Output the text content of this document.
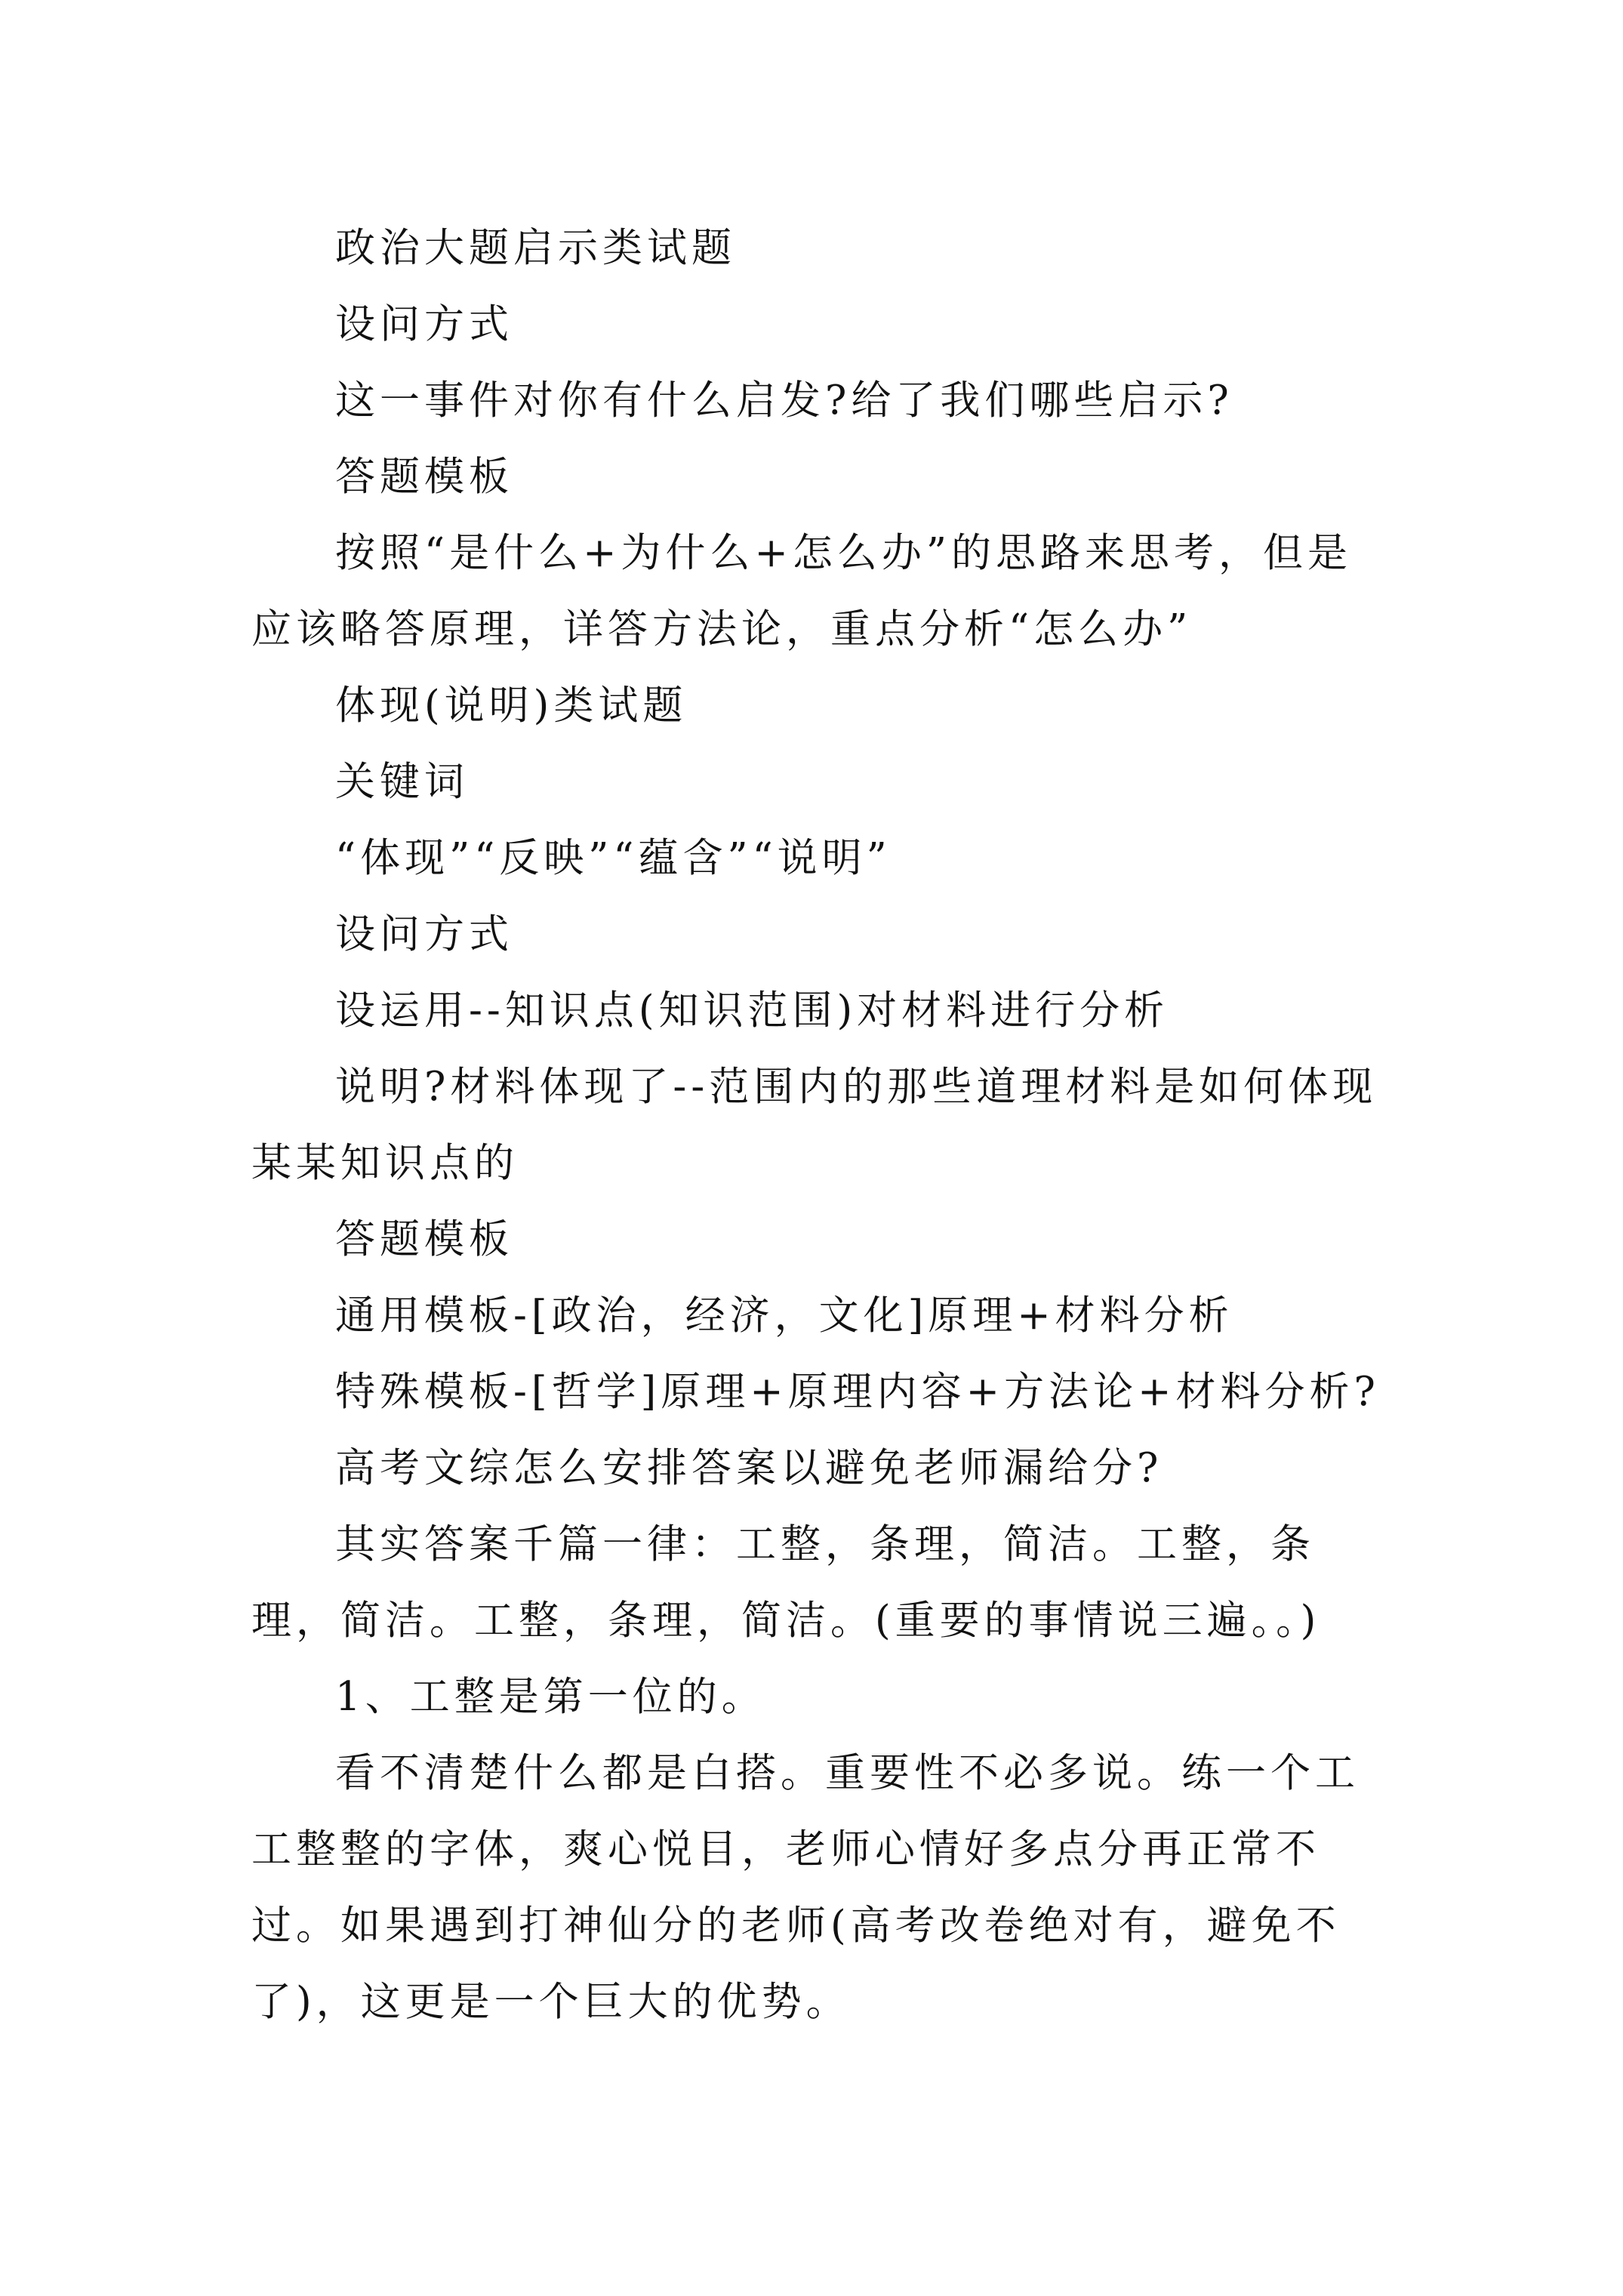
政治大题启示类试题

设问方式

这一事件对你有什么启发?给了我们哪些启示?

答题模板

按照“是什么+为什么+怎么办”的思路来思考，但是应该略答原理，详答方法论，重点分析“怎么办”

体现(说明)类试题

关键词

“体现”“反映”“蕴含”“说明”

设问方式

设运用--知识点(知识范围)对材料进行分析

说明?材料体现了--范围内的那些道理材料是如何体现某某知识点的

答题模板

通用模板-[政治，经济，文化]原理+材料分析

特殊模板-[哲学]原理+原理内容+方法论+材料分析?

高考文综怎么安排答案以避免老师漏给分?

其实答案千篇一律：工整，条理，简洁。工整，条理，简洁。工整，条理，简洁。(重要的事情说三遍。。)

1、工整是第一位的。

看不清楚什么都是白搭。重要性不必多说。练一个工工整整的字体，爽心悦目，老师心情好多点分再正常不过。如果遇到打神仙分的老师(高考改卷绝对有，避免不了)，这更是一个巨大的优势。
